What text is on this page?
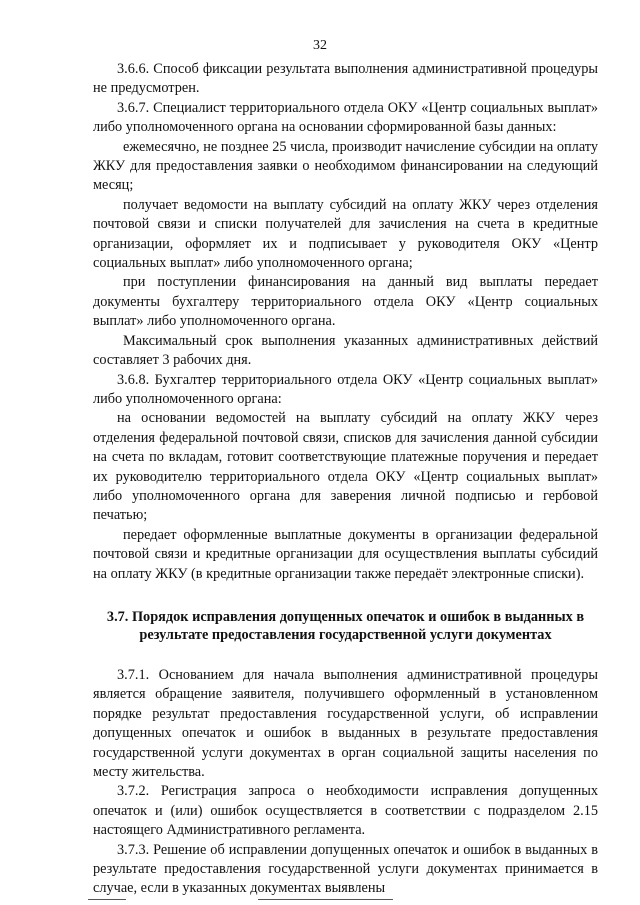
32

3.6.6. Способ фиксации результата выполнения административной процедуры не предусмотрен.

3.6.7. Специалист территориального отдела ОКУ «Центр социальных выплат» либо уполномоченного органа на основании сформированной базы данных:

ежемесячно, не позднее 25 числа, производит начисление субсидии на оплату ЖКУ для предоставления заявки о необходимом финансировании на следующий месяц;

получает ведомости на выплату субсидий на оплату ЖКУ через отделения почтовой связи и списки получателей для зачисления на счета в кредитные организации, оформляет их и подписывает у руководителя ОКУ «Центр социальных выплат» либо уполномоченного органа;

при поступлении финансирования на данный вид выплаты передает документы бухгалтеру территориального отдела ОКУ «Центр социальных выплат» либо уполномоченного органа.

Максимальный срок выполнения указанных административных действий составляет 3 рабочих дня.

3.6.8. Бухгалтер территориального отдела ОКУ «Центр социальных выплат» либо уполномоченного органа:

на основании ведомостей на выплату субсидий на оплату ЖКУ через отделения федеральной почтовой связи, списков для зачисления данной субсидии на счета по вкладам, готовит соответствующие платежные поручения и передает их руководителю территориального отдела ОКУ «Центр социальных выплат» либо уполномоченного органа для заверения личной подписью и гербовой печатью;

передает оформленные выплатные документы в организации федеральной почтовой связи и кредитные организации для осуществления выплаты субсидий на оплату ЖКУ (в кредитные организации также передаёт электронные списки).

3.7. Порядок исправления допущенных опечаток и ошибок в выданных в результате предоставления государственной услуги документах

3.7.1. Основанием для начала выполнения административной процедуры является обращение заявителя, получившего оформленный в установленном порядке результат предоставления государственной услуги, об исправлении допущенных опечаток и ошибок в выданных в результате предоставления государственной услуги документах в орган социальной защиты населения по месту жительства.

3.7.2. Регистрация запроса о необходимости исправления допущенных опечаток и (или) ошибок осуществляется в соответствии с подразделом 2.15 настоящего Административного регламента.

3.7.3. Решение об исправлении допущенных опечаток и ошибок в выданных в результате предоставления государственной услуги документах принимается в случае, если в указанных документах выявлены
